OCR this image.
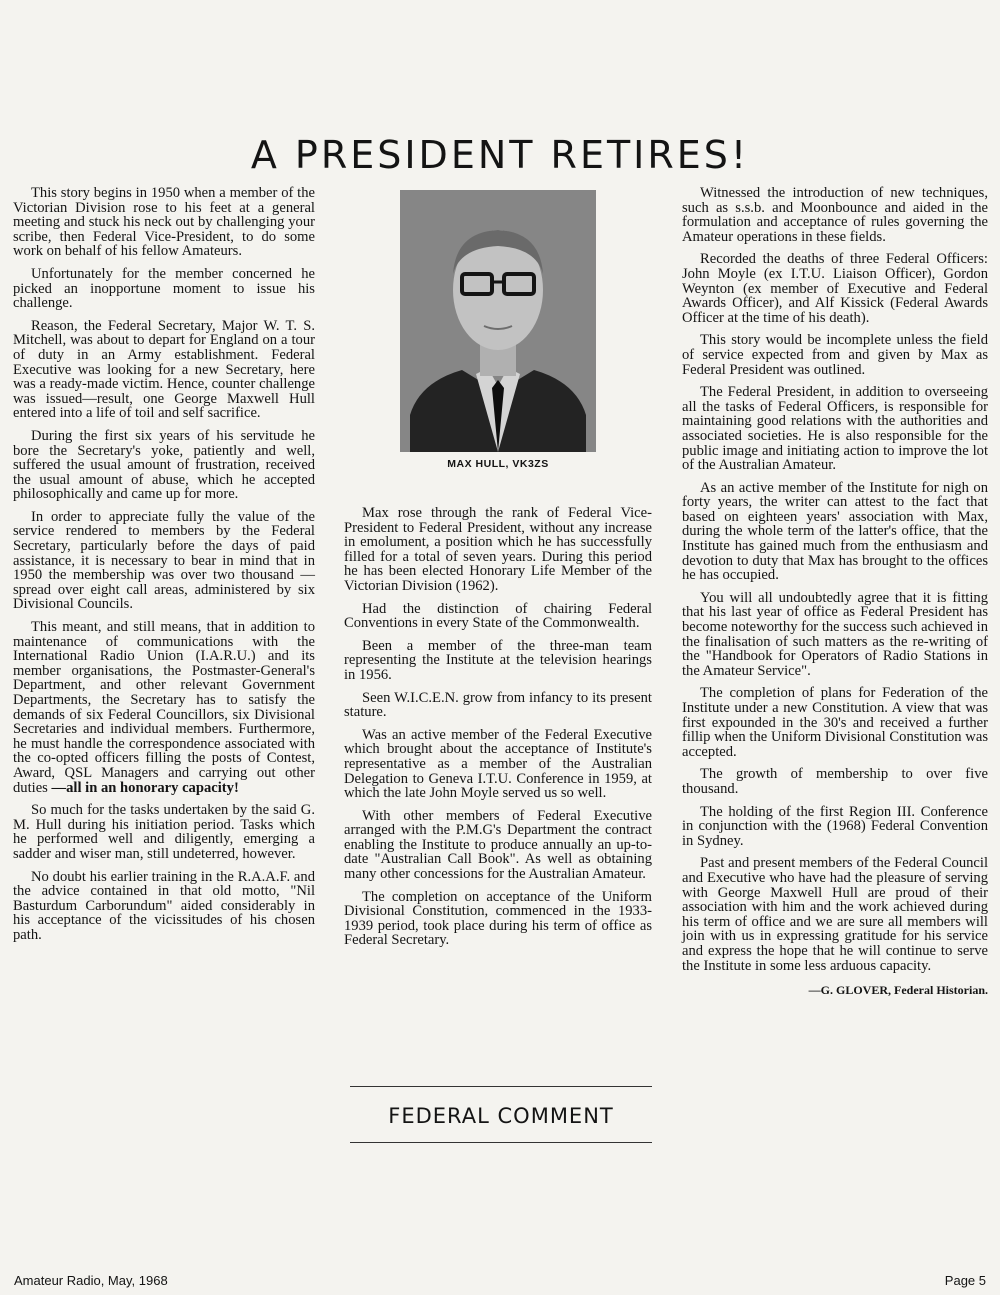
A PRESIDENT RETIRES!

This story begins in 1950 when a member of the Victorian Division rose to his feet at a general meeting and stuck his neck out by challenging your scribe, then Federal Vice-President, to do some work on behalf of his fellow Amateurs.

Unfortunately for the member concerned he picked an inopportune moment to issue his challenge.

Reason, the Federal Secretary, Major W. T. S. Mitchell, was about to depart for England on a tour of duty in an Army establishment. Federal Executive was looking for a new Secretary, here was a ready-made victim. Hence, counter challenge was issued—result, one George Maxwell Hull entered into a life of toil and self sacrifice.

During the first six years of his servitude he bore the Secretary's yoke, patiently and well, suffered the usual amount of frustration, received the usual amount of abuse, which he accepted philosophically and came up for more.

In order to appreciate fully the value of the service rendered to members by the Federal Secretary, particularly before the days of paid assistance, it is necessary to bear in mind that in 1950 the membership was over two thousand —spread over eight call areas, administered by six Divisional Councils.

This meant, and still means, that in addition to maintenance of communications with the International Radio Union (I.A.R.U.) and its member organisations, the Postmaster-General's Department, and other relevant Government Departments, the Secretary has to satisfy the demands of six Federal Councillors, six Divisional Secretaries and individual members. Furthermore, he must handle the correspondence associated with the co-opted officers filling the posts of Contest, Award, QSL Managers and carrying out other duties —all in an honorary capacity!

So much for the tasks undertaken by the said G. M. Hull during his initiation period. Tasks which he performed well and diligently, emerging a sadder and wiser man, still undeterred, however.

No doubt his earlier training in the R.A.A.F. and the advice contained in that old motto, "Nil Basturdum Carborundum" aided considerably in his acceptance of the vicissitudes of his chosen path.

MAX HULL, VK3ZS

Max rose through the rank of Federal Vice-President to Federal President, without any increase in emolument, a position which he has successfully filled for a total of seven years. During this period he has been elected Honorary Life Member of the Victorian Division (1962).

Had the distinction of chairing Federal Conventions in every State of the Commonwealth.

Been a member of the three-man team representing the Institute at the television hearings in 1956.

Seen W.I.C.E.N. grow from infancy to its present stature.

Was an active member of the Federal Executive which brought about the acceptance of Institute's representative as a member of the Australian Delegation to Geneva I.T.U. Conference in 1959, at which the late John Moyle served us so well.

With other members of Federal Executive arranged with the P.M.G's Department the contract enabling the Institute to produce annually an up-to-date "Australian Call Book". As well as obtaining many other concessions for the Australian Amateur.

The completion on acceptance of the Uniform Divisional Constitution, commenced in the 1933-1939 period, took place during his term of office as Federal Secretary.

FEDERAL COMMENT

Witnessed the introduction of new techniques, such as s.s.b. and Moonbounce and aided in the formulation and acceptance of rules governing the Amateur operations in these fields.

Recorded the deaths of three Federal Officers: John Moyle (ex I.T.U. Liaison Officer), Gordon Weynton (ex member of Executive and Federal Awards Officer), and Alf Kissick (Federal Awards Officer at the time of his death).

This story would be incomplete unless the field of service expected from and given by Max as Federal President was outlined.

The Federal President, in addition to overseeing all the tasks of Federal Officers, is responsible for maintaining good relations with the authorities and associated societies. He is also responsible for the public image and initiating action to improve the lot of the Australian Amateur.

As an active member of the Institute for nigh on forty years, the writer can attest to the fact that based on eighteen years' association with Max, during the whole term of the latter's office, that the Institute has gained much from the enthusiasm and devotion to duty that Max has brought to the offices he has occupied.

You will all undoubtedly agree that it is fitting that his last year of office as Federal President has become noteworthy for the success such achieved in the finalisation of such matters as the re-writing of the "Handbook for Operators of Radio Stations in the Amateur Service".

The completion of plans for Federation of the Institute under a new Constitution. A view that was first expounded in the 30's and received a further fillip when the Uniform Divisional Constitution was accepted.

The growth of membership to over five thousand.

The holding of the first Region III. Conference in conjunction with the (1968) Federal Convention in Sydney.

Past and present members of the Federal Council and Executive who have had the pleasure of serving with George Maxwell Hull are proud of their association with him and the work achieved during his term of office and we are sure all members will join with us in expressing gratitude for his service and express the hope that he will continue to serve the Institute in some less arduous capacity.

—G. GLOVER, Federal Historian.
Amateur Radio, May, 1968	Page 5
